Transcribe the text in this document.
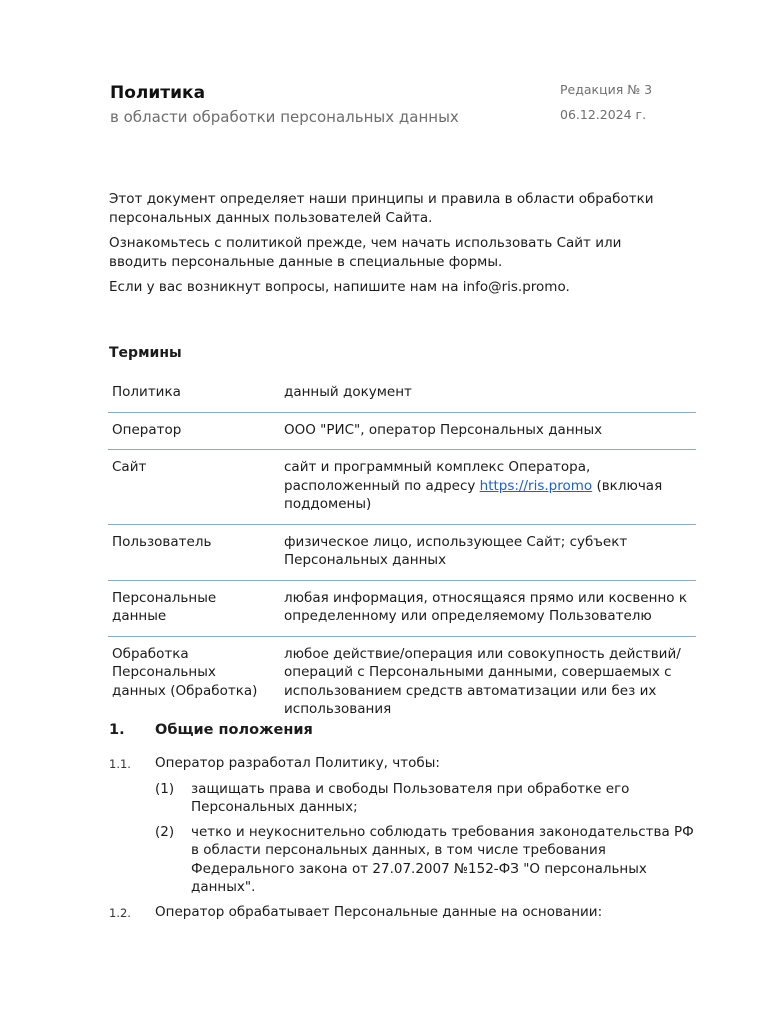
Политика

в области обработки персональных данных

Редакция № 3
06.12.2024 г.

Этот документ определяет наши принципы и правила в области обработки персональных данных пользователей Сайта.

Ознакомьтесь с политикой прежде, чем начать использовать Сайт или вводить персональные данные в специальные формы.

Если у вас возникнут вопросы, напишите нам на info@ris.promo.

Термины
Политика	данный документ
Оператор	ООО "РИС", оператор Персональных данных
Сайт	сайт и программный комплекс Оператора, расположенный по адресу https://ris.promo (включая поддомены)
Пользователь	физическое лицо, использующее Сайт; субъект Персональных данных
Персональные данные	любая информация, относящаяся прямо или косвенно к определенному или определяемому Пользователю
Обработка Персональных данных (Обработка)	любое действие/операция или совокупность действий/операций с Персональными данными, совершаемых с использованием средств автоматизации или без их использования
1. Общие положения
1.1.	Оператор разработал Политику, чтобы:
(1)	защищать права и свободы Пользователя при обработке его Персональных данных;
(2)	четко и неукоснительно соблюдать требования законодательства РФ в области персональных данных, в том числе требования Федерального закона от 27.07.2007 №152-ФЗ "О персональных данных".
1.2.	Оператор обрабатывает Персональные данные на основании:
